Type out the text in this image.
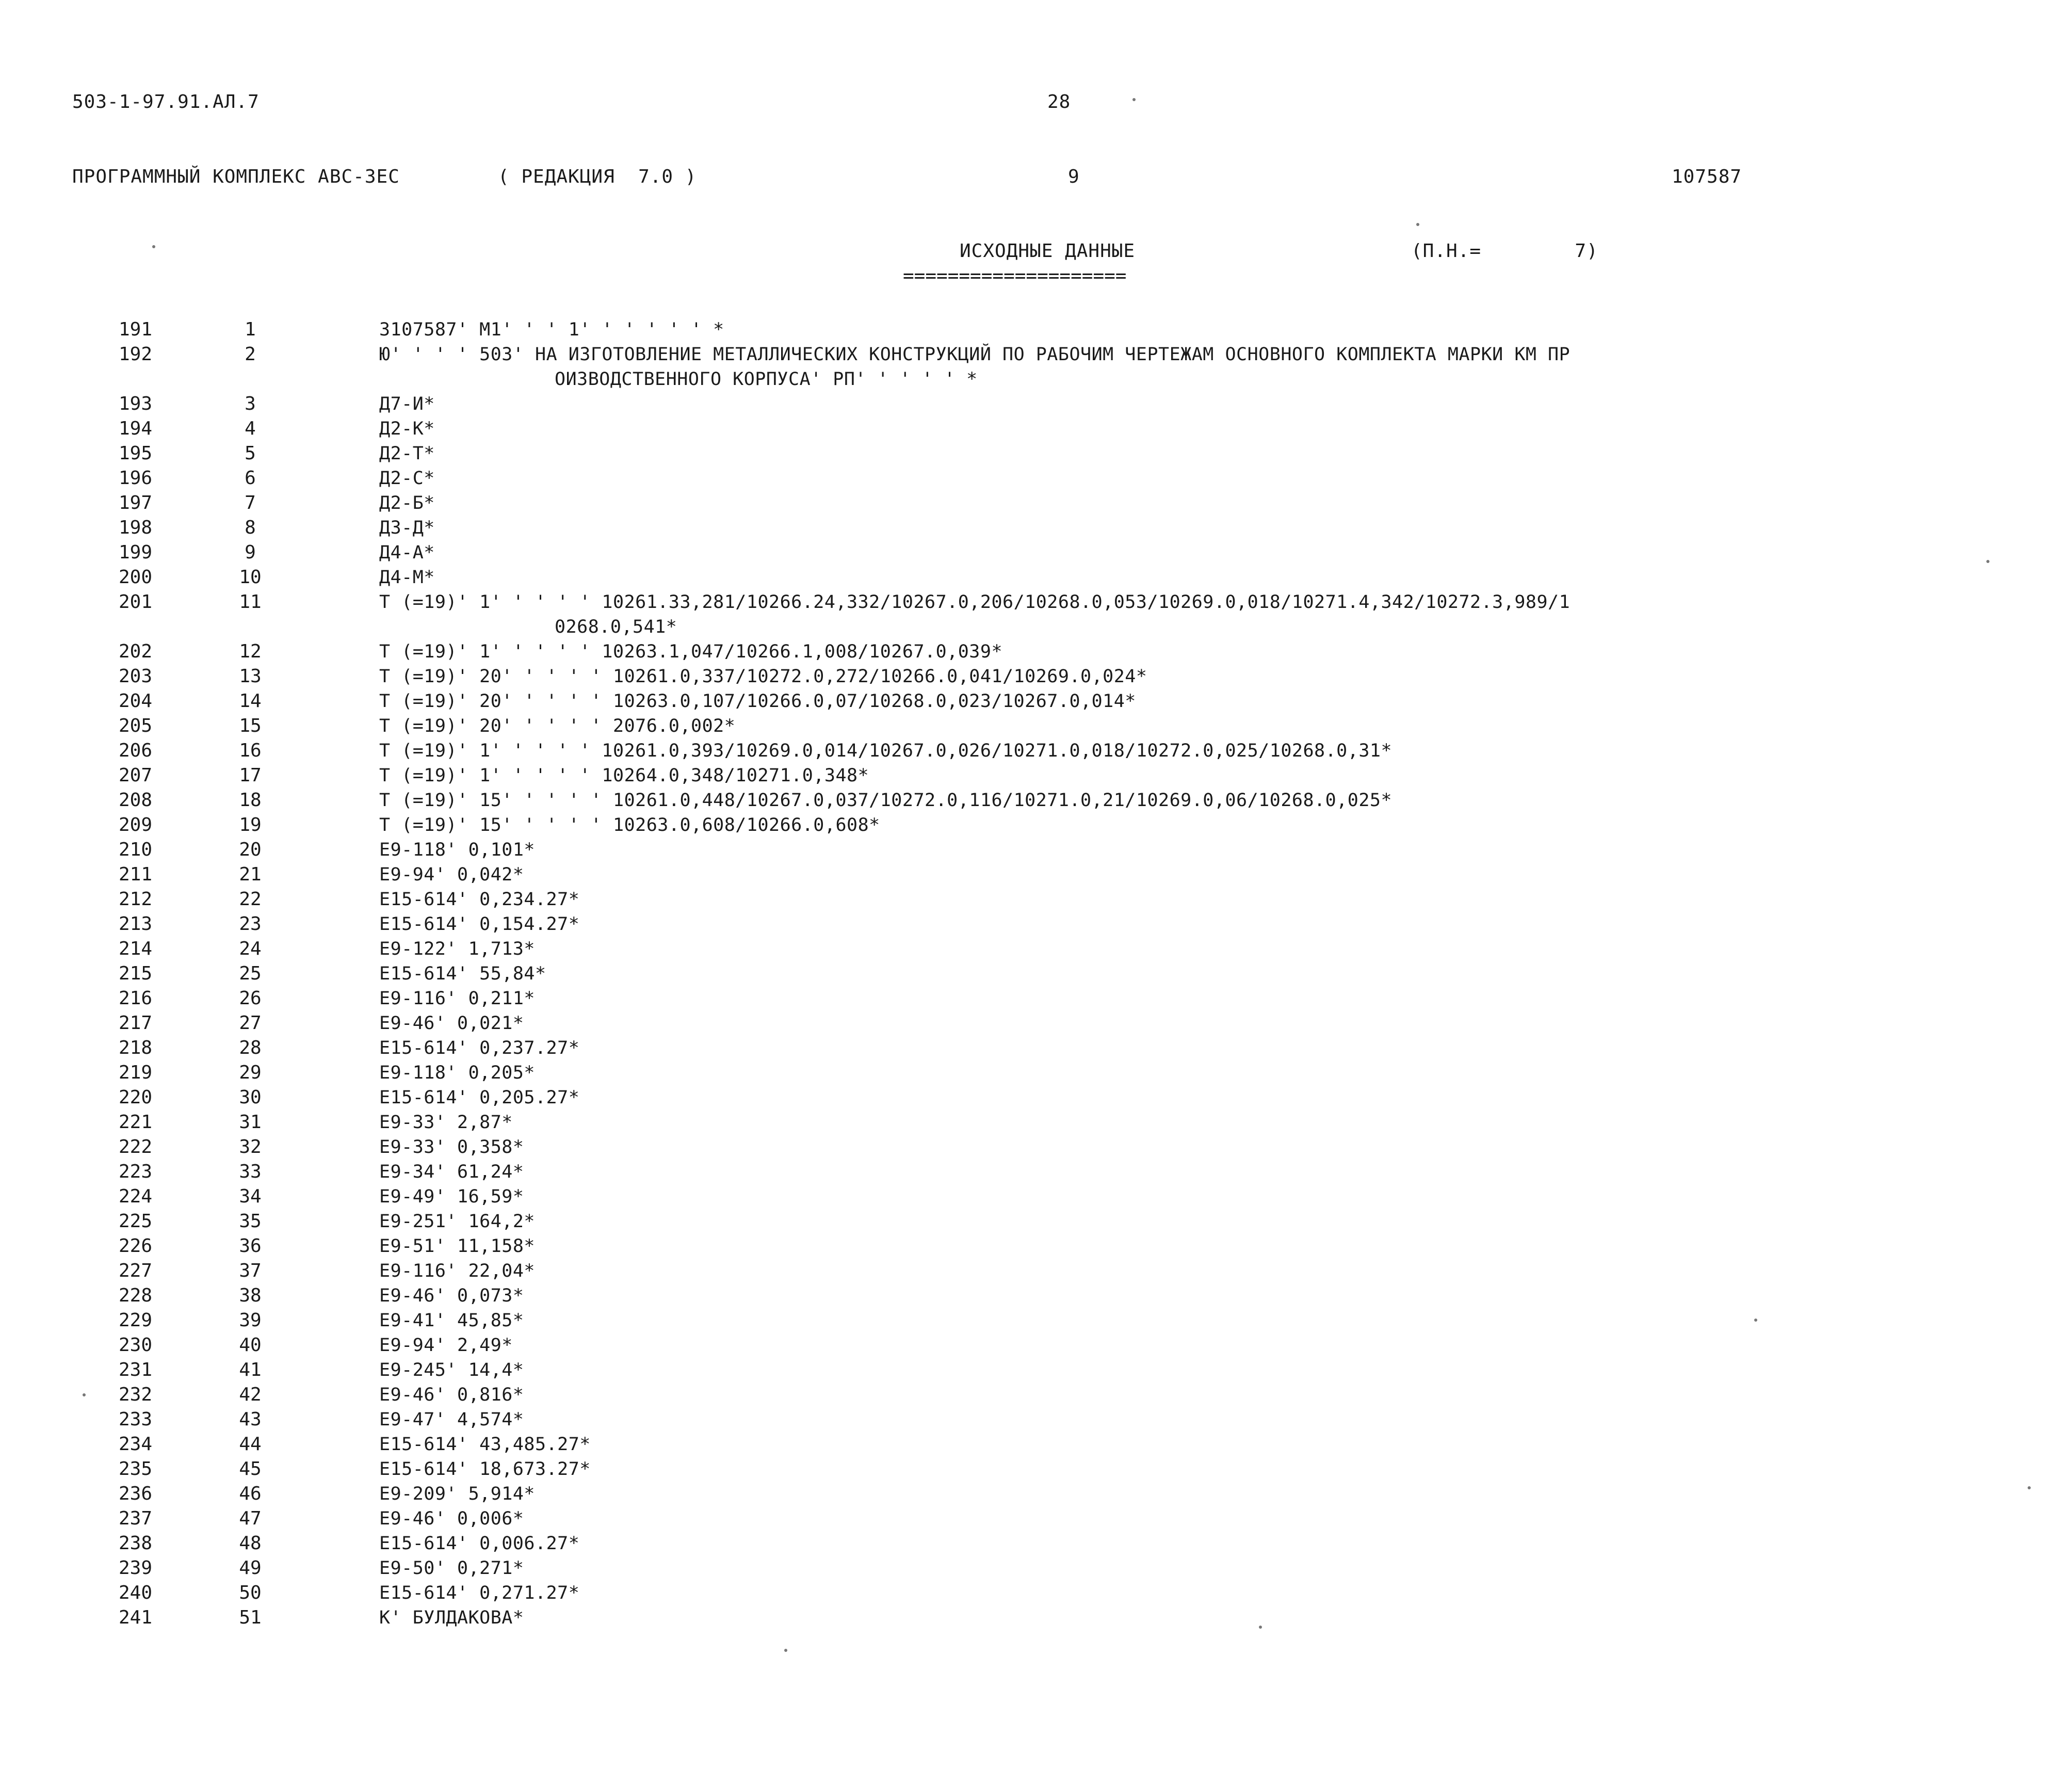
503-1-97.91.АЛ.7	28
ПРОГРАММНЫЙ КОМПЛЕКС АВС-3ЕС	( РЕДАКЦИЯ  7.0 )	9	107587
ИСХОДНЫЕ ДАННЫЕ
====================
(П.Н.=        7)
191	1	3107587' M1' ' ' 1' ' ' ' ' ' *
192	2	Ю' ' ' ' 503' НА ИЗГОТОВЛЕНИЕ МЕТАЛЛИЧЕСКИХ КОНСТРУКЦИЙ ПО РАБОЧИМ ЧЕРТЕЖАМ ОСНОВНОГО КОМПЛЕКТА МАРКИ КМ ПР
ОИЗВОДСТВЕННОГО КОРПУСА' РП' ' ' ' ' *
193	3	Д7-И*
194	4	Д2-К*
195	5	Д2-Т*
196	6	Д2-С*
197	7	Д2-Б*
198	8	Д3-Д*
199	9	Д4-А*
200	10	Д4-М*
201	11	Т (=19)' 1' ' ' ' ' 10261.33,281/10266.24,332/10267.0,206/10268.0,053/10269.0,018/10271.4,342/10272.3,989/1
0268.0,541*
202	12	Т (=19)' 1' ' ' ' ' 10263.1,047/10266.1,008/10267.0,039*
203	13	Т (=19)' 20' ' ' ' ' 10261.0,337/10272.0,272/10266.0,041/10269.0,024*
204	14	Т (=19)' 20' ' ' ' ' 10263.0,107/10266.0,07/10268.0,023/10267.0,014*
205	15	Т (=19)' 20' ' ' ' ' 2076.0,002*
206	16	Т (=19)' 1' ' ' ' ' 10261.0,393/10269.0,014/10267.0,026/10271.0,018/10272.0,025/10268.0,31*
207	17	Т (=19)' 1' ' ' ' ' 10264.0,348/10271.0,348*
208	18	Т (=19)' 15' ' ' ' ' 10261.0,448/10267.0,037/10272.0,116/10271.0,21/10269.0,06/10268.0,025*
209	19	Т (=19)' 15' ' ' ' ' 10263.0,608/10266.0,608*
210	20	Е9-118' 0,101*
211	21	Е9-94' 0,042*
212	22	Е15-614' 0,234.27*
213	23	Е15-614' 0,154.27*
214	24	Е9-122' 1,713*
215	25	Е15-614' 55,84*
216	26	Е9-116' 0,211*
217	27	Е9-46' 0,021*
218	28	Е15-614' 0,237.27*
219	29	Е9-118' 0,205*
220	30	Е15-614' 0,205.27*
221	31	Е9-33' 2,87*
222	32	Е9-33' 0,358*
223	33	Е9-34' 61,24*
224	34	Е9-49' 16,59*
225	35	Е9-251' 164,2*
226	36	Е9-51' 11,158*
227	37	Е9-116' 22,04*
228	38	Е9-46' 0,073*
229	39	Е9-41' 45,85*
230	40	Е9-94' 2,49*
231	41	Е9-245' 14,4*
232	42	Е9-46' 0,816*
233	43	Е9-47' 4,574*
234	44	Е15-614' 43,485.27*
235	45	Е15-614' 18,673.27*
236	46	Е9-209' 5,914*
237	47	Е9-46' 0,006*
238	48	Е15-614' 0,006.27*
239	49	Е9-50' 0,271*
240	50	Е15-614' 0,271.27*
241	51	К' БУЛДАКОВА*
